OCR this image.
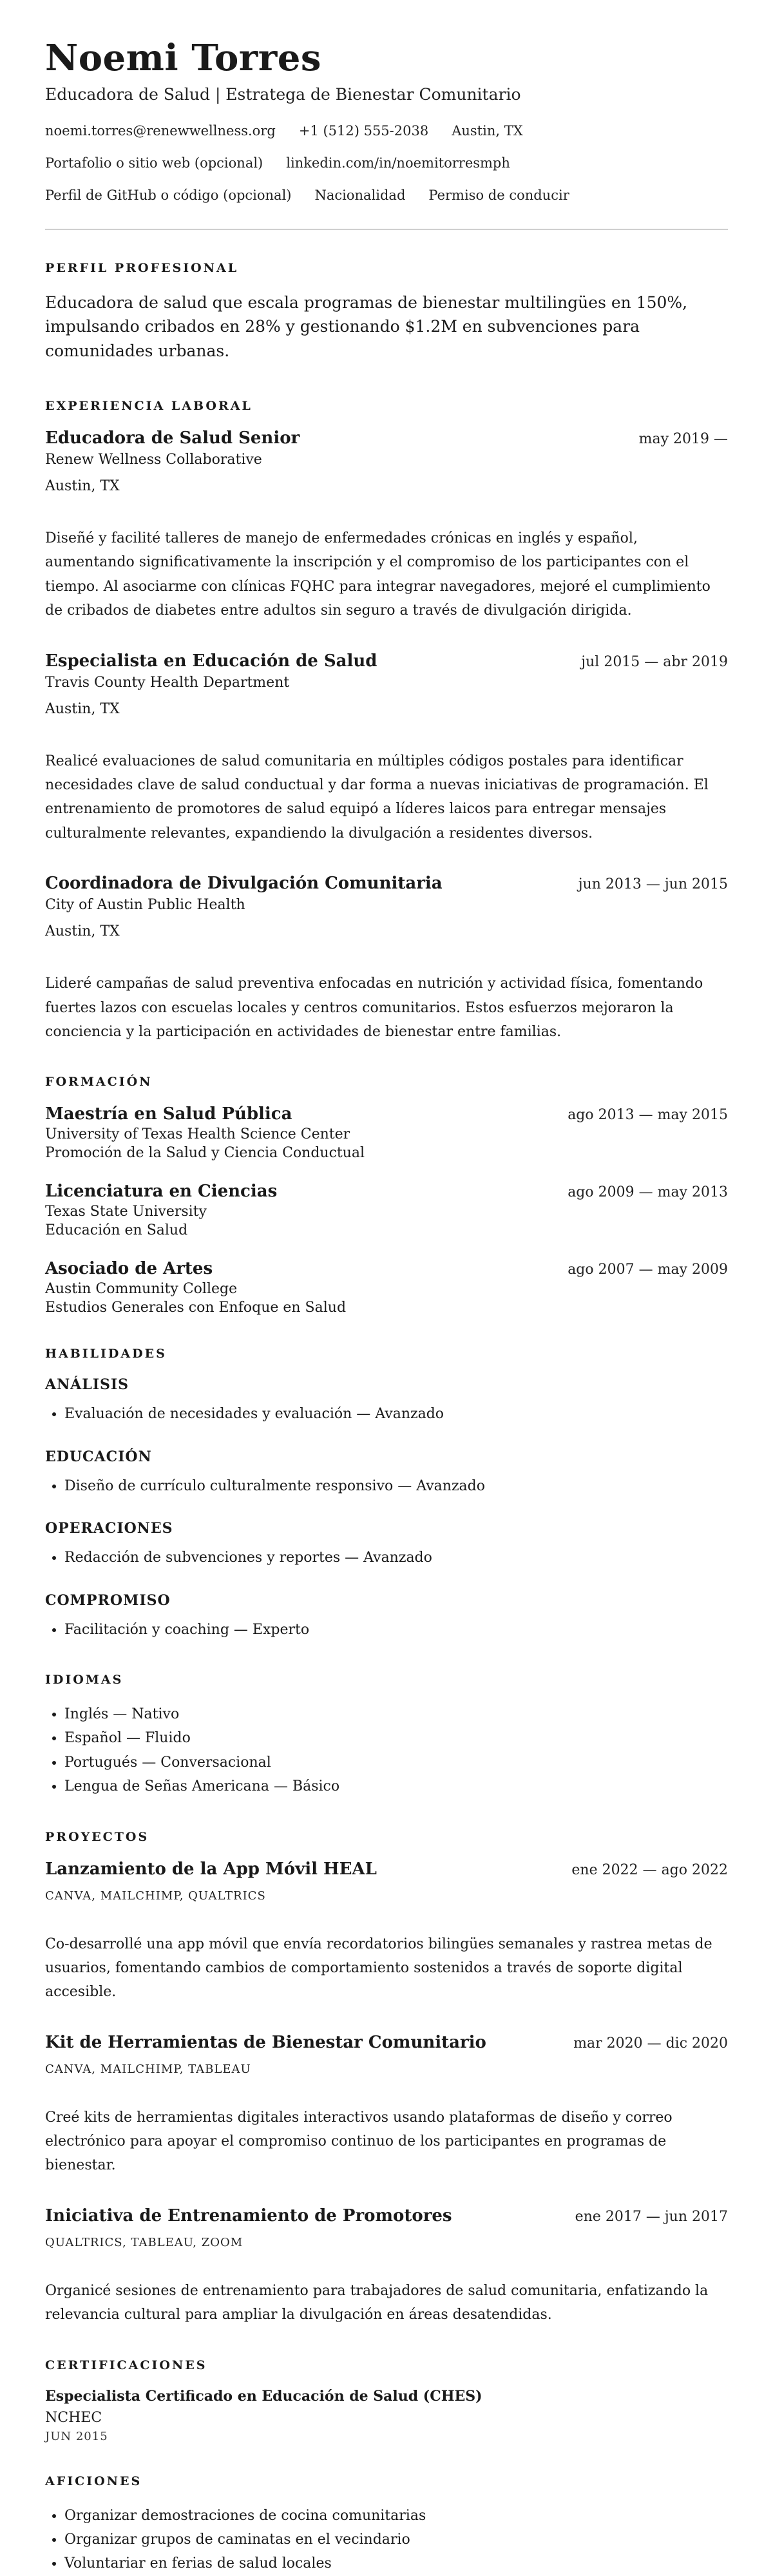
Noemi Torres
Educadora de Salud | Estratega de Bienestar Comunitario
noemi.torres@renewwellness.org +1 (512) 555-2038 Austin, TX
Portafolio o sitio web (opcional) linkedin.com/in/noemitorresmph
Perfil de GitHub o código (opcional) Nacionalidad Permiso de conducir
PERFIL PROFESIONAL
Educadora de salud que escala programas de bienestar multilingües en 150%, impulsando cribados en 28% y gestionando $1.2M en subvenciones para comunidades urbanas.
EXPERIENCIA LABORAL
Educadora de Salud Senior	may 2019 —
Renew Wellness Collaborative
Austin, TX
Diseñé y facilité talleres de manejo de enfermedades crónicas en inglés y español, aumentando significativamente la inscripción y el compromiso de los participantes con el tiempo. Al asociarme con clínicas FQHC para integrar navegadores, mejoré el cumplimiento de cribados de diabetes entre adultos sin seguro a través de divulgación dirigida.
Especialista en Educación de Salud	jul 2015 — abr 2019
Travis County Health Department
Austin, TX
Realicé evaluaciones de salud comunitaria en múltiples códigos postales para identificar necesidades clave de salud conductual y dar forma a nuevas iniciativas de programación. El entrenamiento de promotores de salud equipó a líderes laicos para entregar mensajes culturalmente relevantes, expandiendo la divulgación a residentes diversos.
Coordinadora de Divulgación Comunitaria	jun 2013 — jun 2015
City of Austin Public Health
Austin, TX
Lideré campañas de salud preventiva enfocadas en nutrición y actividad física, fomentando fuertes lazos con escuelas locales y centros comunitarios. Estos esfuerzos mejoraron la conciencia y la participación en actividades de bienestar entre familias.
FORMACIÓN
Maestría en Salud Pública	ago 2013 — may 2015
University of Texas Health Science Center
Promoción de la Salud y Ciencia Conductual
Licenciatura en Ciencias	ago 2009 — may 2013
Texas State University
Educación en Salud
Asociado de Artes	ago 2007 — may 2009
Austin Community College
Estudios Generales con Enfoque en Salud
HABILIDADES
ANÁLISIS
• Evaluación de necesidades y evaluación — Avanzado
EDUCACIÓN
• Diseño de currículo culturalmente responsivo — Avanzado
OPERACIONES
• Redacción de subvenciones y reportes — Avanzado
COMPROMISO
• Facilitación y coaching — Experto
IDIOMAS
• Inglés — Nativo
• Español — Fluido
• Portugués — Conversacional
• Lengua de Señas Americana — Básico
PROYECTOS
Lanzamiento de la App Móvil HEAL	ene 2022 — ago 2022
CANVA, MAILCHIMP, QUALTRICS
Co-desarrollé una app móvil que envía recordatorios bilingües semanales y rastrea metas de usuarios, fomentando cambios de comportamiento sostenidos a través de soporte digital accesible.
Kit de Herramientas de Bienestar Comunitario	mar 2020 — dic 2020
CANVA, MAILCHIMP, TABLEAU
Creé kits de herramientas digitales interactivos usando plataformas de diseño y correo electrónico para apoyar el compromiso continuo de los participantes en programas de bienestar.
Iniciativa de Entrenamiento de Promotores	ene 2017 — jun 2017
QUALTRICS, TABLEAU, ZOOM
Organicé sesiones de entrenamiento para trabajadores de salud comunitaria, enfatizando la relevancia cultural para ampliar la divulgación en áreas desatendidas.
CERTIFICACIONES
Especialista Certificado en Educación de Salud (CHES)
NCHEC
JUN 2015
AFICIONES
• Organizar demostraciones de cocina comunitarias
• Organizar grupos de caminatas en el vecindario
• Voluntariar en ferias de salud locales
